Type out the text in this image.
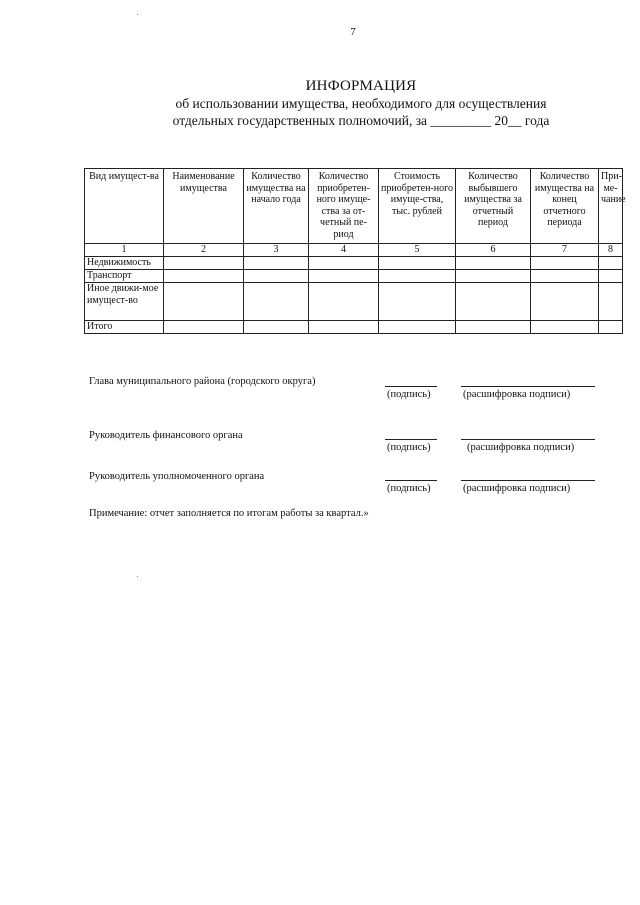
7
ИНФОРМАЦИЯ
об использовании имущества, необходимого для осуществления
отдельных государственных полномочий, за _________ 20__ года
Вид имущест-ва	Наименование имущества	Количество имущества на начало года	Количество приобретен-ного имуще-ства за от-четный пе-риод	Стоимость приобретен-ного имуще-ства, тыс. рублей	Количество выбывшего имущества за отчетный период	Количество имущества на конец отчетного периода	При-ме-чание
1	2	3	4	5	6	7	8
Недвижимость							
Транспорт							
Иное движи-мое имущест-во							
Итого							
Глава муниципального района (городского округа)
(подпись)	(расшифровка подписи)
Руководитель финансового органа
(подпись)	(расшифровка подписи)
Руководитель уполномоченного органа
(подпись)	(расшифровка подписи)
Примечание: отчет заполняется по итогам работы за квартал.»
